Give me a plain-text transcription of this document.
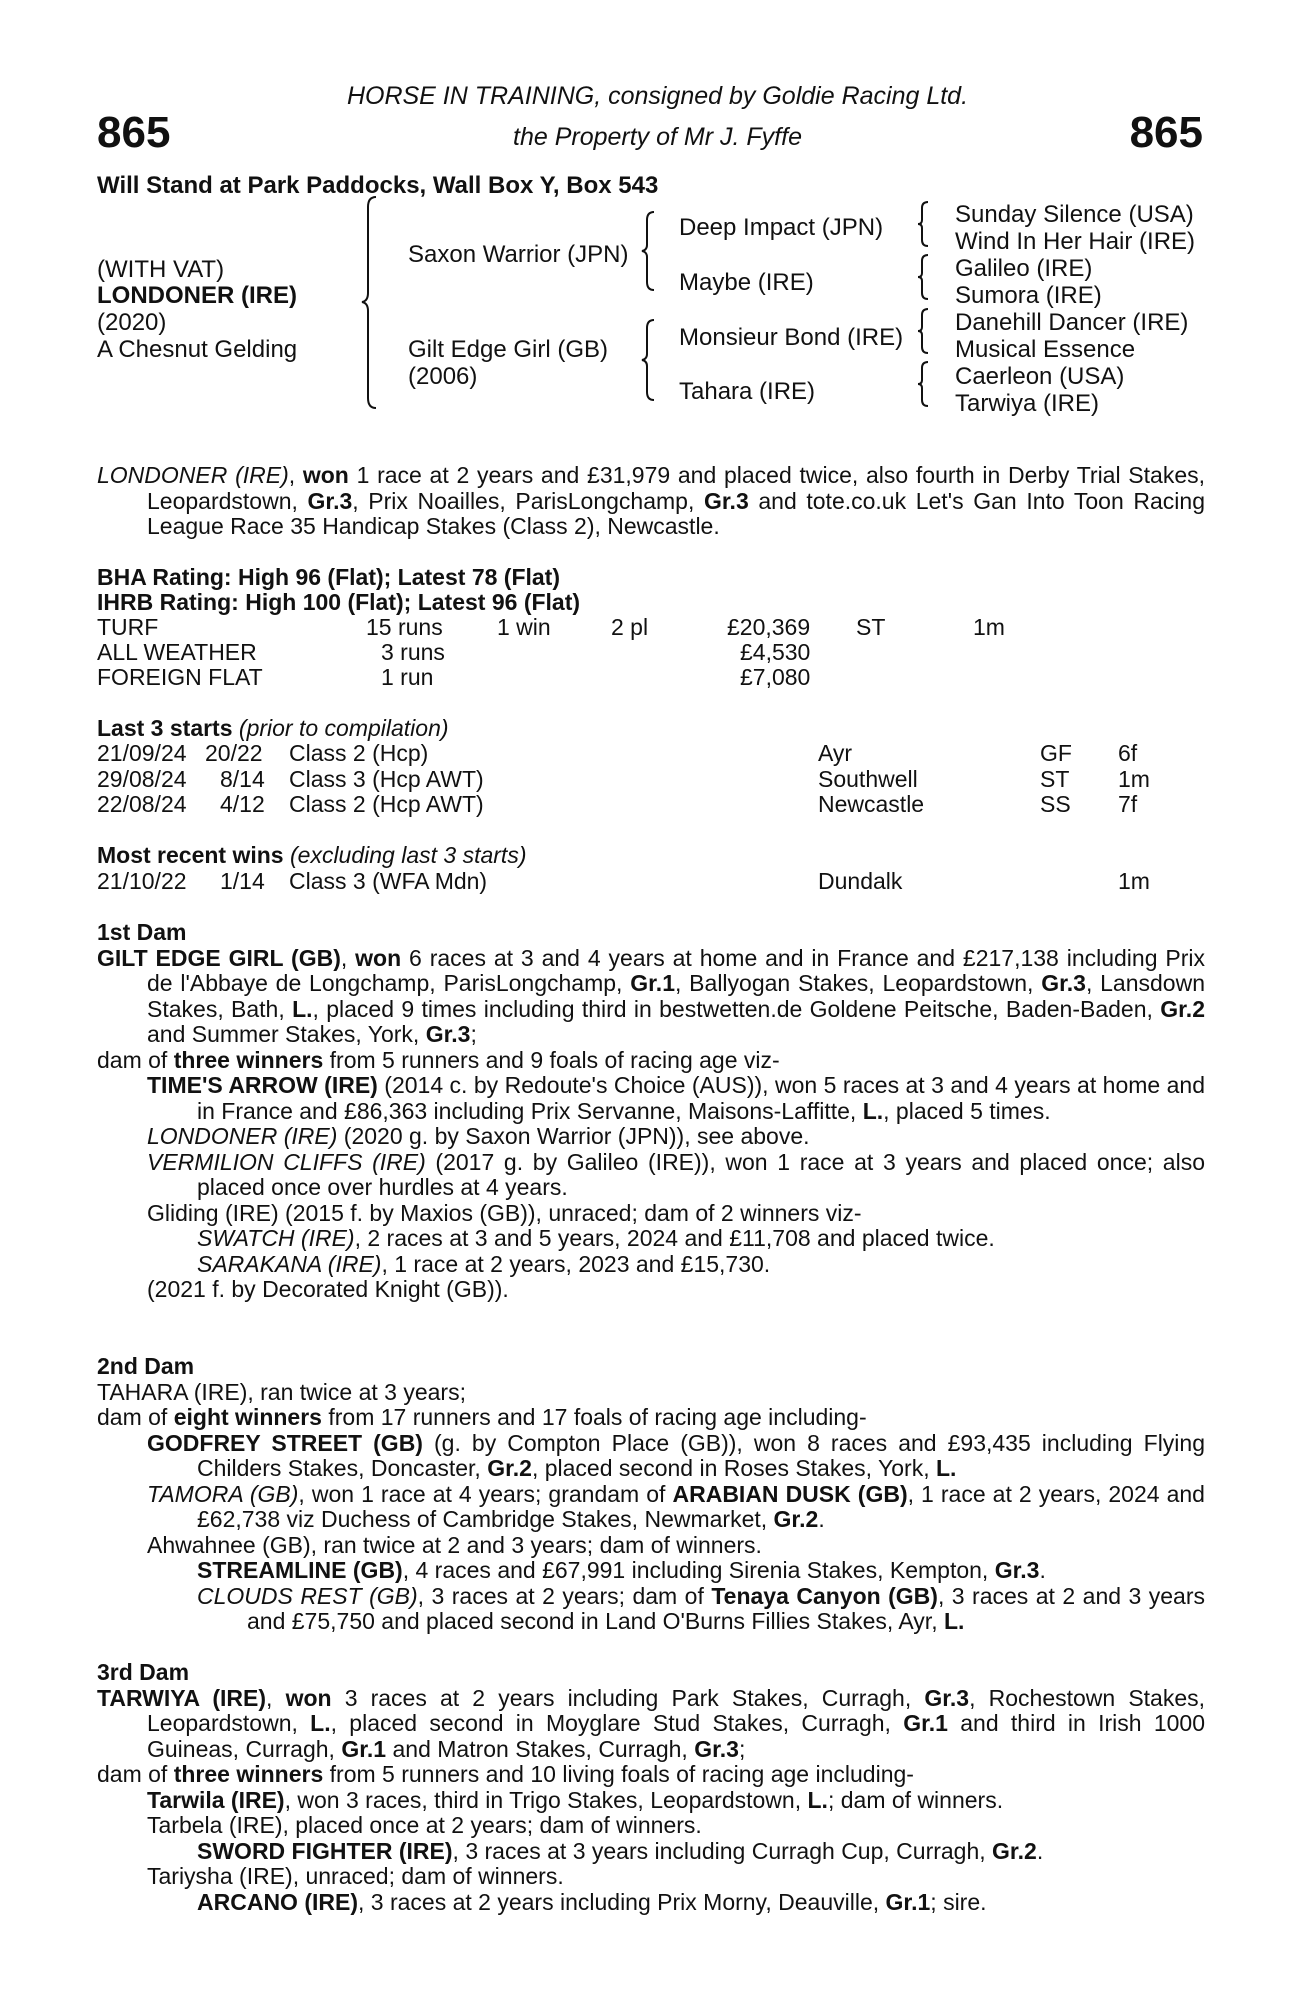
865	865
HORSE IN TRAINING, consigned by Goldie Racing Ltd.
the Property of Mr J. Fyffe
Will Stand at Park Paddocks, Wall Box Y, Box 543
(WITH VAT)
LONDONER (IRE)
(2020)
A Chesnut Gelding
Saxon Warrior (JPN)
Gilt Edge Girl (GB)
(2006)
Deep Impact (JPN)
Maybe (IRE)
Monsieur Bond (IRE)
Tahara (IRE)
Sunday Silence (USA)
Wind In Her Hair (IRE)
Galileo (IRE)
Sumora (IRE)
Danehill Dancer (IRE)
Musical Essence
Caerleon (USA)
Tarwiya (IRE)

LONDONER (IRE), won 1 race at 2 years and £31,979 and placed twice, also fourth in Derby Trial Stakes, Leopardstown, Gr.3, Prix Noailles, ParisLongchamp, Gr.3 and tote.co.uk Let's Gan Into Toon Racing League Race 35 Handicap Stakes (Class 2), Newcastle.

BHA Rating: High 96 (Flat); Latest 78 (Flat)
IHRB Rating: High 100 (Flat); Latest 96 (Flat)
TURF	15 runs 1 win	2 pl	£20,369 ST	1m
ALL WEATHER	3 runs	£4,530
FOREIGN FLAT	1 run	£7,080
Last 3 starts (prior to compilation)
21/09/24 20/22 Class 2 (Hcp)	Ayr	GF 6f
29/08/24 8/14 Class 3 (Hcp AWT)	Southwell	ST 1m
22/08/24 4/12 Class 2 (Hcp AWT)	Newcastle	SS 7f
Most recent wins (excluding last 3 starts)
21/10/22 1/14 Class 3 (WFA Mdn)	Dundalk	1m
1st Dam

GILT EDGE GIRL (GB), won 6 races at 3 and 4 years at home and in France and £217,138 including Prix de l'Abbaye de Longchamp, ParisLongchamp, Gr.1, Ballyogan Stakes, Leopardstown, Gr.3, Lansdown Stakes, Bath, L., placed 9 times including third in bestwetten.de Goldene Peitsche, Baden-Baden, Gr.2 and Summer Stakes, York, Gr.3;

dam of three winners from 5 runners and 9 foals of racing age viz-

TIME'S ARROW (IRE) (2014 c. by Redoute's Choice (AUS)), won 5 races at 3 and 4 years at home and in France and £86,363 including Prix Servanne, Maisons-Laffitte, L., placed 5 times.

LONDONER (IRE) (2020 g. by Saxon Warrior (JPN)), see above.

VERMILION CLIFFS (IRE) (2017 g. by Galileo (IRE)), won 1 race at 3 years and placed once; also placed once over hurdles at 4 years.

Gliding (IRE) (2015 f. by Maxios (GB)), unraced; dam of 2 winners viz-

SWATCH (IRE), 2 races at 3 and 5 years, 2024 and £11,708 and placed twice.

SARAKANA (IRE), 1 race at 2 years, 2023 and £15,730.

(2021 f. by Decorated Knight (GB)).

2nd Dam

TAHARA (IRE), ran twice at 3 years;

dam of eight winners from 17 runners and 17 foals of racing age including-

GODFREY STREET (GB) (g. by Compton Place (GB)), won 8 races and £93,435 including Flying Childers Stakes, Doncaster, Gr.2, placed second in Roses Stakes, York, L.

TAMORA (GB), won 1 race at 4 years; grandam of ARABIAN DUSK (GB), 1 race at 2 years, 2024 and £62,738 viz Duchess of Cambridge Stakes, Newmarket, Gr.2.

Ahwahnee (GB), ran twice at 2 and 3 years; dam of winners.

STREAMLINE (GB), 4 races and £67,991 including Sirenia Stakes, Kempton, Gr.3.

CLOUDS REST (GB), 3 races at 2 years; dam of Tenaya Canyon (GB), 3 races at 2 and 3 years and £75,750 and placed second in Land O'Burns Fillies Stakes, Ayr, L.

3rd Dam

TARWIYA (IRE), won 3 races at 2 years including Park Stakes, Curragh, Gr.3, Rochestown Stakes, Leopardstown, L., placed second in Moyglare Stud Stakes, Curragh, Gr.1 and third in Irish 1000 Guineas, Curragh, Gr.1 and Matron Stakes, Curragh, Gr.3;

dam of three winners from 5 runners and 10 living foals of racing age including-

Tarwila (IRE), won 3 races, third in Trigo Stakes, Leopardstown, L.; dam of winners.

Tarbela (IRE), placed once at 2 years; dam of winners.

SWORD FIGHTER (IRE), 3 races at 3 years including Curragh Cup, Curragh, Gr.2.

Tariysha (IRE), unraced; dam of winners.

ARCANO (IRE), 3 races at 2 years including Prix Morny, Deauville, Gr.1; sire.
